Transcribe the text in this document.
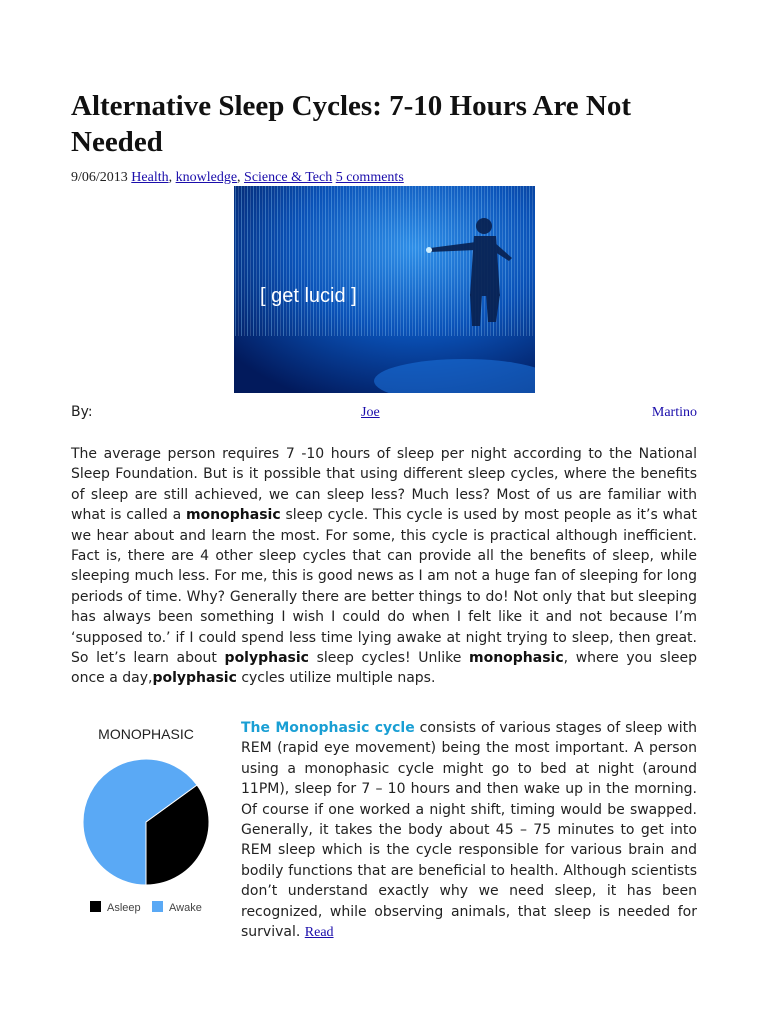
Alternative Sleep Cycles: 7-10 Hours Are Not Needed
9/06/2013 Health, knowledge, Science & Tech 5 comments
[ get lucid ]
By:	Joe	Martino

The average person requires 7 -10 hours of sleep per night according to the National Sleep Foundation. But is it possible that using different sleep cycles, where the benefits of sleep are still achieved, we can sleep less? Much less? Most of us are familiar with what is called a monophasic sleep cycle. This cycle is used by most people as it’s what we hear about and learn the most. For some, this cycle is practical although inefficient. Fact is, there are 4 other sleep cycles that can provide all the benefits of sleep, while sleeping much less. For me, this is good news as I am not a huge fan of sleeping for long periods of time. Why? Generally there are better things to do! Not only that but sleeping has always been something I wish I could do when I felt like it and not because I’m ‘supposed to.’ if I could spend less time lying awake at night trying to sleep, then great. So let’s learn about polyphasic sleep cycles! Unlike monophasic, where you sleep once a day,polyphasic cycles utilize multiple naps.

MONOPHASIC
Asleep	Awake

The Monophasic cycle consists of various stages of sleep with REM (rapid eye movement) being the most important. A person using a monophasic cycle might go to bed at night (around 11PM), sleep for 7 – 10 hours and then wake up in the morning. Of course if one worked a night shift, timing would be swapped. Generally, it takes the body about 45 – 75 minutes to get into REM sleep which is the cycle responsible for various brain and bodily functions that are beneficial to health. Although scientists don’t understand exactly why we need sleep, it has been recognized, while observing animals, that sleep is needed for survival. Read
